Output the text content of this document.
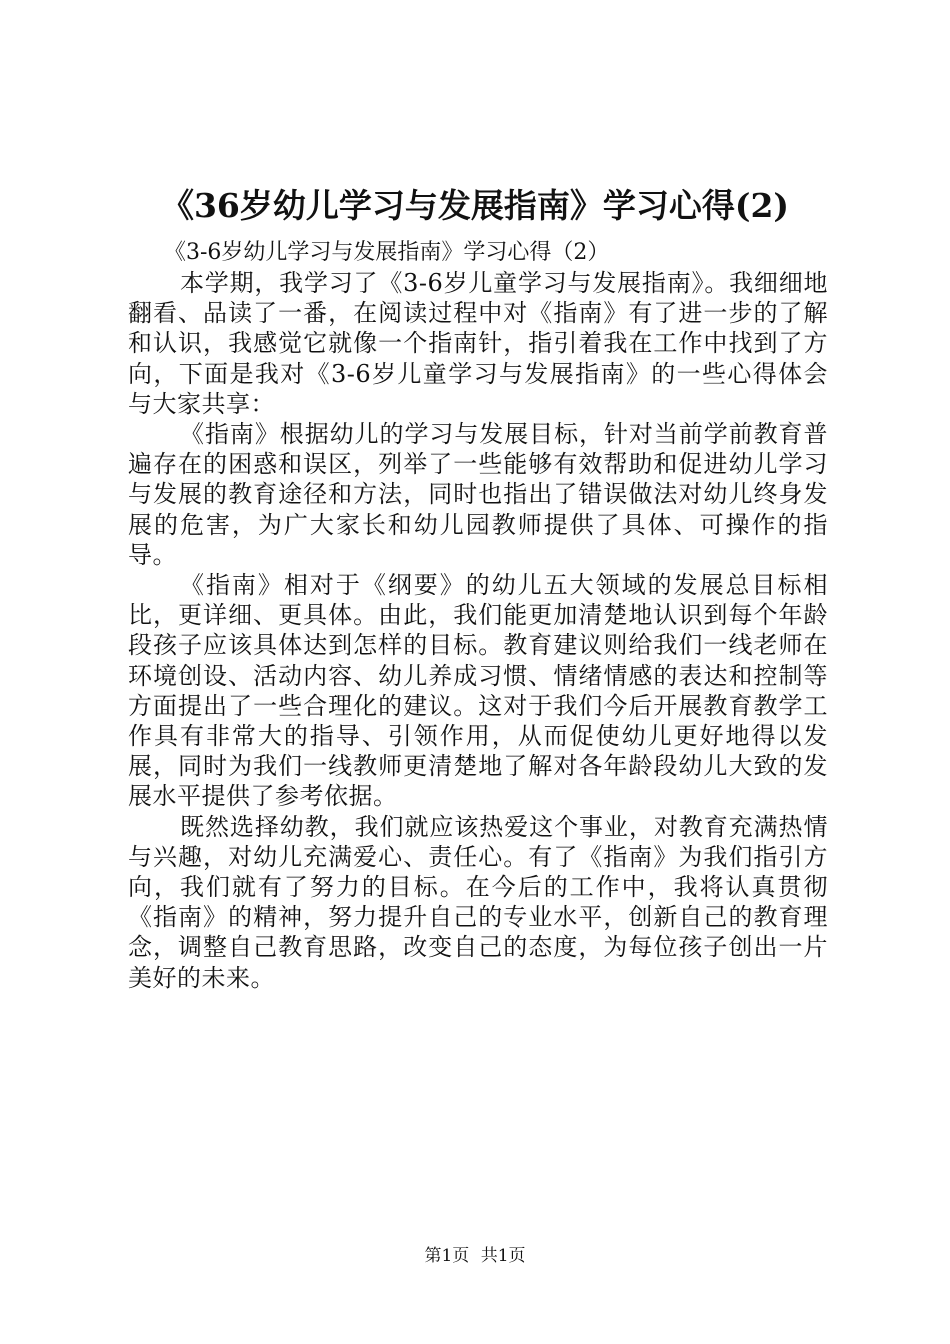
《36岁幼儿学习与发展指南》学习心得(2)

《3-6岁幼儿学习与发展指南》学习心得（2）

本学期，我学习了《3-6岁儿童学习与发展指南》。我细细地翻看、品读了一番，在阅读过程中对《指南》有了进一步的了解和认识，我感觉它就像一个指南针，指引着我在工作中找到了方向，下面是我对《3-6岁儿童学习与发展指南》的一些心得体会与大家共享：

《指南》根据幼儿的学习与发展目标，针对当前学前教育普遍存在的困惑和误区，列举了一些能够有效帮助和促进幼儿学习与发展的教育途径和方法，同时也指出了错误做法对幼儿终身发展的危害，为广大家长和幼儿园教师提供了具体、可操作的指导。

《指南》相对于《纲要》的幼儿五大领域的发展总目标相比，更详细、更具体。由此，我们能更加清楚地认识到每个年龄段孩子应该具体达到怎样的目标。教育建议则给我们一线老师在环境创设、活动内容、幼儿养成习惯、情绪情感的表达和控制等方面提出了一些合理化的建议。这对于我们今后开展教育教学工作具有非常大的指导、引领作用，从而促使幼儿更好地得以发展，同时为我们一线教师更清楚地了解对各年龄段幼儿大致的发展水平提供了参考依据。

既然选择幼教，我们就应该热爱这个事业，对教育充满热情与兴趣，对幼儿充满爱心、责任心。有了《指南》为我们指引方向，我们就有了努力的目标。在今后的工作中，我将认真贯彻《指南》的精神，努力提升自己的专业水平，创新自己的教育理念，调整自己教育思路，改变自己的态度，为每位孩子创出一片美好的未来。

第1页 共1页
